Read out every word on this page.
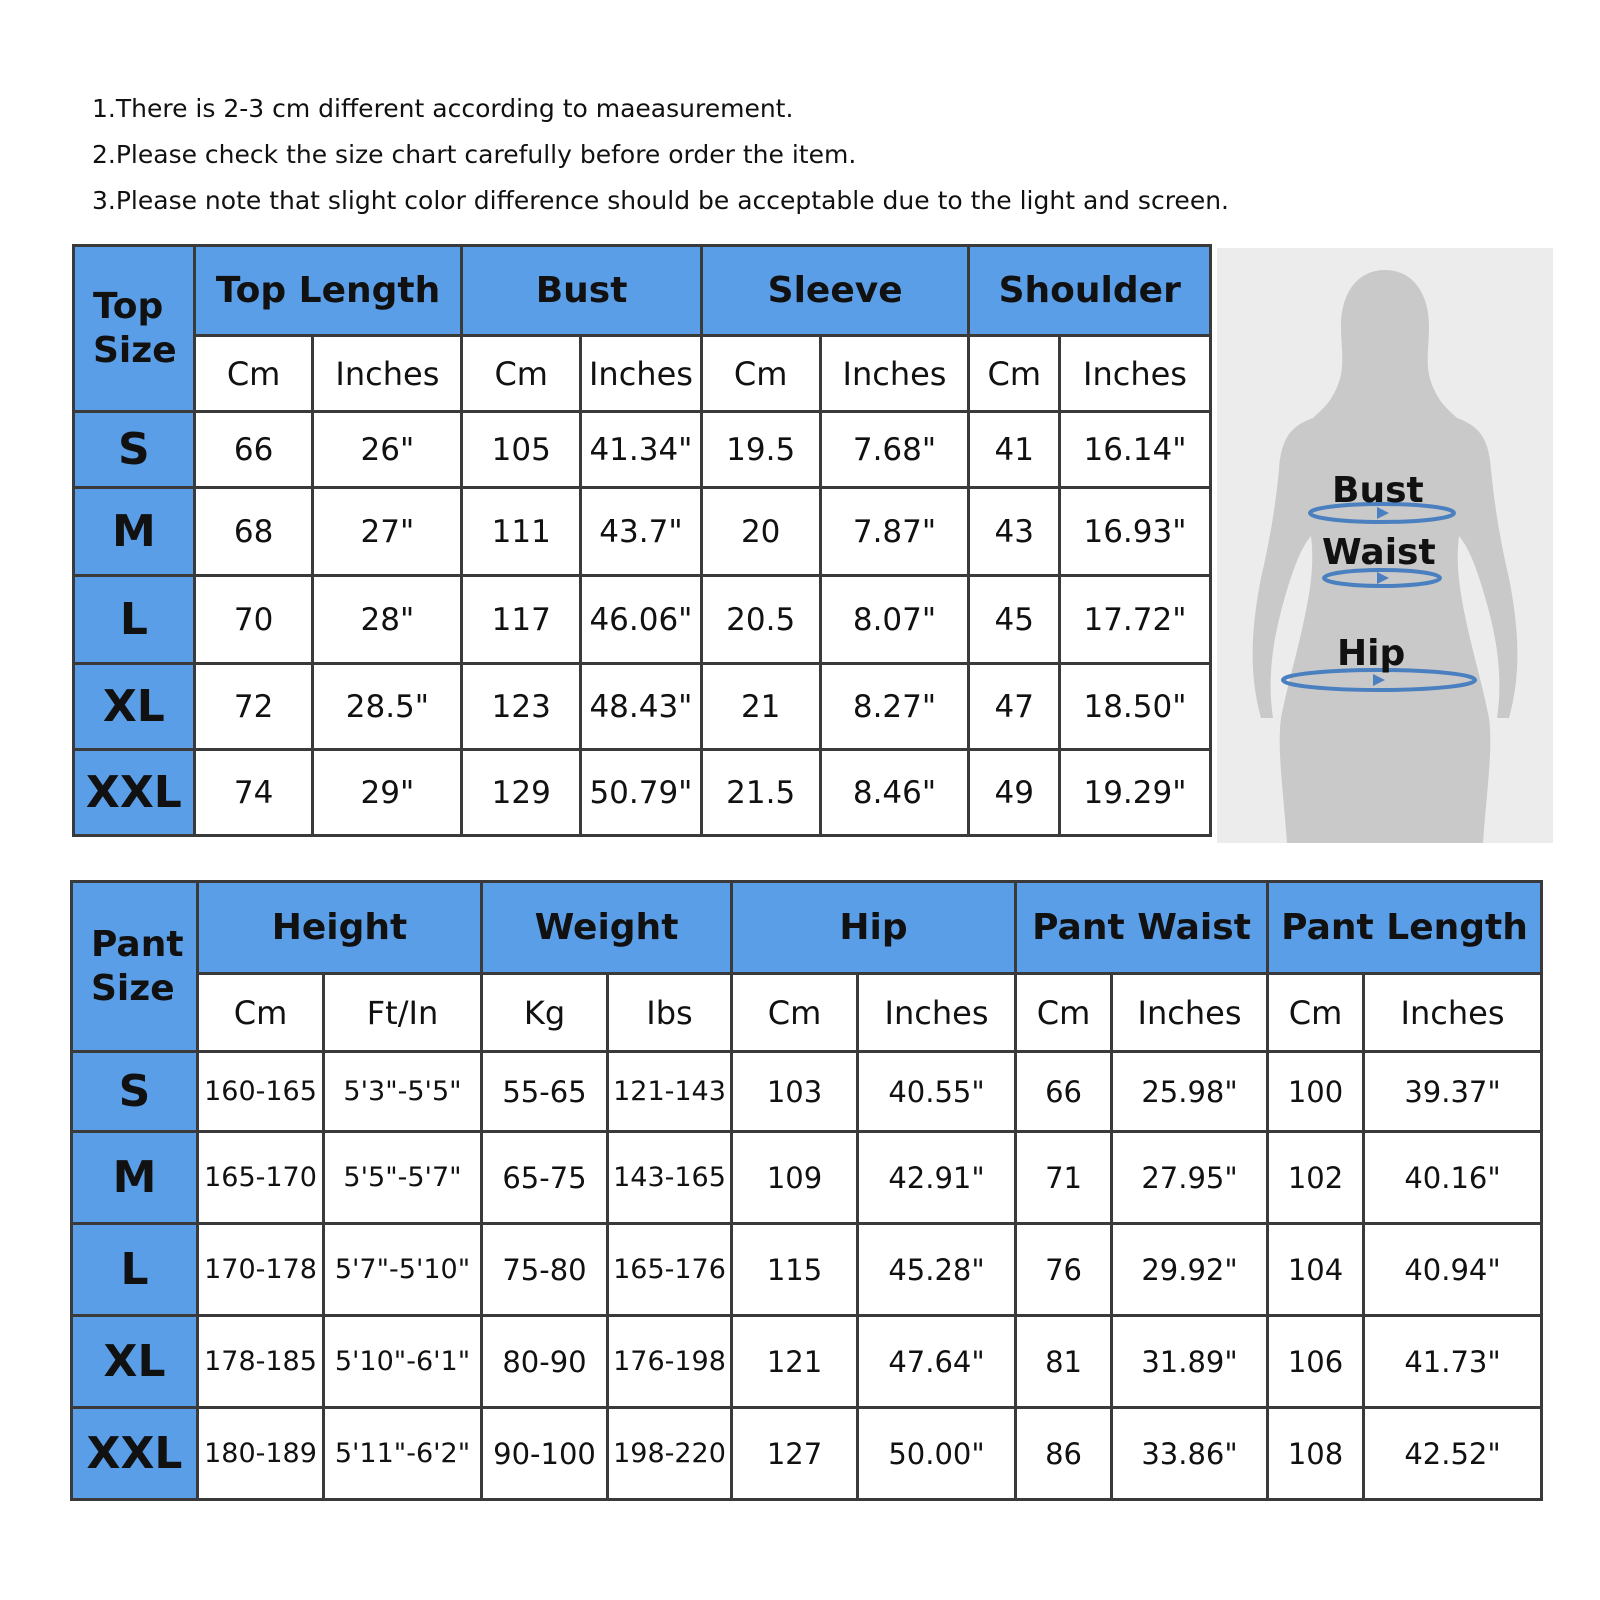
1.There is 2-3 cm different according to maeasurement.
2.Please check the size chart carefully before order the item.
3.Please note that slight color difference should be acceptable due to the light and screen.
Top Size	Top Length		Bust		Sleeve		Shoulder	
	Cm	Inches	Cm	Inches	Cm	Inches	Cm	Inches
S	66	26"	105	41.34"	19.5	7.68"	41	16.14"
M	68	27"	111	43.7"	20	7.87"	43	16.93"
L	70	28"	117	46.06"	20.5	8.07"	45	17.72"
XL	72	28.5"	123	48.43"	21	8.27"	47	18.50"
XXL	74	29"	129	50.79"	21.5	8.46"	49	19.29"
Bust
Waist
Hip
Pant Size	Height		Weight		Hip		Pant Waist		Pant Length	
	Cm	Ft/In	Kg	Ibs	Cm	Inches	Cm	Inches	Cm	Inches
S	160-165	5'3"-5'5"	55-65	121-143	103	40.55"	66	25.98"	100	39.37"
M	165-170	5'5"-5'7"	65-75	143-165	109	42.91"	71	27.95"	102	40.16"
L	170-178	5'7"-5'10"	75-80	165-176	115	45.28"	76	29.92"	104	40.94"
XL	178-185	5'10"-6'1"	80-90	176-198	121	47.64"	81	31.89"	106	41.73"
XXL	180-189	5'11"-6'2"	90-100	198-220	127	50.00"	86	33.86"	108	42.52"
